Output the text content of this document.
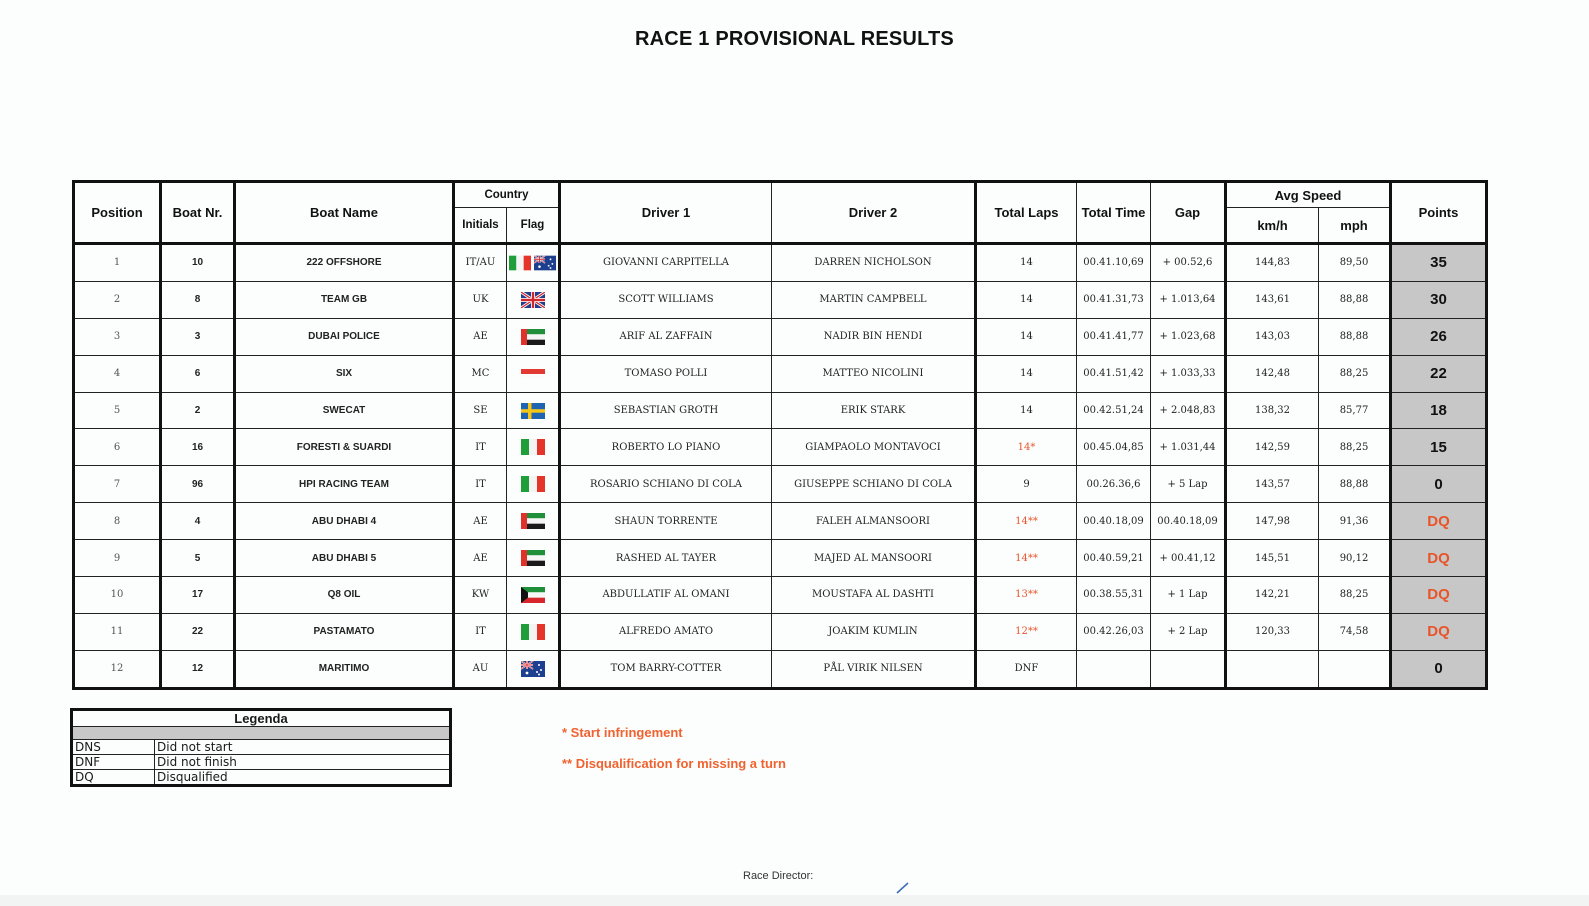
RACE 1 PROVISIONAL RESULTS
Position	Boat Nr.	Boat Name	Country		Driver 1	Driver 2	Total Laps	Total Time	Gap	Avg Speed		Points
			Initials	Flag						km/h	mph	
1	10	222 OFFSHORE	IT/AU		GIOVANNI CARPITELLA	DARREN NICHOLSON	14	00.41.10,69	+ 00.52,6	144,83	89,50	35
2	8	TEAM GB	UK		SCOTT WILLIAMS	MARTIN CAMPBELL	14	00.41.31,73	+ 1.013,64	143,61	88,88	30
3	3	DUBAI POLICE	AE		ARIF AL ZAFFAIN	NADIR BIN HENDI	14	00.41.41,77	+ 1.023,68	143,03	88,88	26
4	6	SIX	MC		TOMASO POLLI	MATTEO NICOLINI	14	00.41.51,42	+ 1.033,33	142,48	88,25	22
5	2	SWECAT	SE		SEBASTIAN GROTH	ERIK STARK	14	00.42.51,24	+ 2.048,83	138,32	85,77	18
6	16	FORESTI & SUARDI	IT		ROBERTO LO PIANO	GIAMPAOLO MONTAVOCI	14*	00.45.04,85	+ 1.031,44	142,59	88,25	15
7	96	HPI RACING TEAM	IT		ROSARIO SCHIANO DI COLA	GIUSEPPE SCHIANO DI COLA	9	00.26.36,6	+ 5 Lap	143,57	88,88	0
8	4	ABU DHABI 4	AE		SHAUN TORRENTE	FALEH ALMANSOORI	14**	00.40.18,09	00.40.18,09	147,98	91,36	DQ
9	5	ABU DHABI 5	AE		RASHED AL TAYER	MAJED AL MANSOORI	14**	00.40.59,21	+ 00.41,12	145,51	90,12	DQ
10	17	Q8 OIL	KW		ABDULLATIF AL OMANI	MOUSTAFA AL DASHTI	13**	00.38.55,31	+ 1 Lap	142,21	88,25	DQ
11	22	PASTAMATO	IT		ALFREDO AMATO	JOAKIM KUMLIN	12**	00.42.26,03	+ 2 Lap	120,33	74,58	DQ
12	12	MARITIMO	AU		TOM BARRY-COTTER	PÅL VIRIK NILSEN	DNF					0
Legenda	

DNS	Did not start
DNF	Did not finish
DQ	Disqualified
* Start infringement
** Disqualification for missing a turn
Race Director:
